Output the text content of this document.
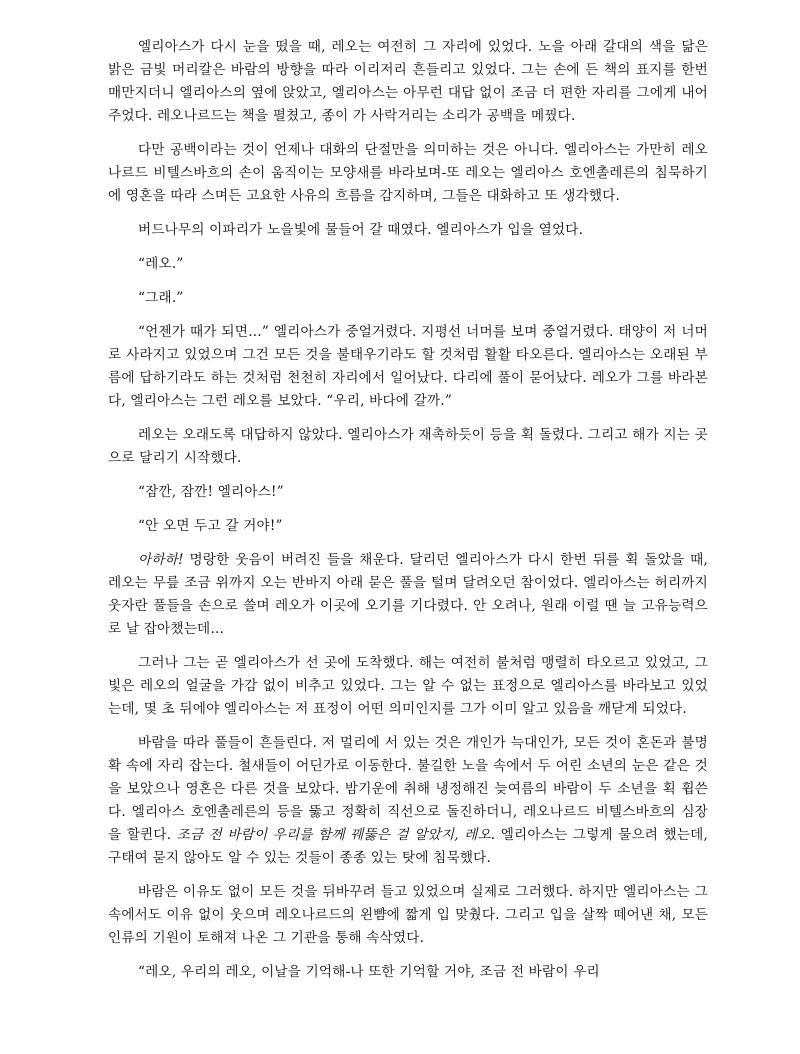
엘리아스가 다시 눈을 떴을 때, 레오는 여전히 그 자리에 있었다. 노을 아래 갈대의 색을 닮은 밝은 금빛 머리칼은 바람의 방향을 따라 이리저리 흔들리고 있었다. 그는 손에 든 책의 표지를 한번 매만지더니 엘리아스의 옆에 앉았고, 엘리아스는 아무런 대답 없이 조금 더 편한 자리를 그에게 내어주었다. 레오나르드는 책을 펼쳤고, 종이 가 사락거리는 소리가 공백을 메꿨다.

다만 공백이라는 것이 언제나 대화의 단절만을 의미하는 것은 아니다. 엘리아스는 가만히 레오나르드 비텔스바흐의 손이 움직이는 모양새를 바라보며-또 레오는 엘리아스 호엔촐레른의 침묵하기에 영혼을 따라 스며든 고요한 사유의 흐름을 감지하며, 그들은 대화하고 또 생각했다.

버드나무의 이파리가 노을빛에 물들어 갈 때였다. 엘리아스가 입을 열었다.

“레오.”

“그래.”

“언젠가 때가 되면…” 엘리아스가 중얼거렸다. 지평선 너머를 보며 중얼거렸다. 태양이 저 너머로 사라지고 있었으며 그건 모든 것을 불태우기라도 할 것처럼 활활 타오른다. 엘리아스는 오래된 부름에 답하기라도 하는 것처럼 천천히 자리에서 일어났다. 다리에 풀이 묻어났다. 레오가 그를 바라본다, 엘리아스는 그런 레오를 보았다. “우리, 바다에 갈까.”

레오는 오래도록 대답하지 않았다. 엘리아스가 재촉하듯이 등을 획 돌렸다. 그리고 해가 지는 곳으로 달리기 시작했다.

“잠깐, 잠깐! 엘리아스!”

“안 오면 두고 갈 거야!”

아하하! 명랑한 웃음이 버려진 들을 채운다. 달리던 엘리아스가 다시 한번 뒤를 획 돌았을 때, 레오는 무릎 조금 위까지 오는 반바지 아래 묻은 풀을 털며 달려오던 참이었다. 엘리아스는 허리까지 웃자란 풀들을 손으로 쓸며 레오가 이곳에 오기를 기다렸다. 안 오려나, 원래 이럴 땐 늘 고유능력으로 날 잡아챘는데…

그러나 그는 곧 엘리아스가 선 곳에 도착했다. 해는 여전히 불처럼 맹렬히 타오르고 있었고, 그 빛은 레오의 얼굴을 가감 없이 비추고 있었다. 그는 알 수 없는 표정으로 엘리아스를 바라보고 있었는데, 몇 초 뒤에야 엘리아스는 저 표정이 어떤 의미인지를 그가 이미 알고 있음을 깨닫게 되었다.

바람을 따라 풀들이 흔들린다. 저 멀리에 서 있는 것은 개인가 늑대인가, 모든 것이 혼돈과 불명확 속에 자리 잡는다. 철새들이 어딘가로 이동한다. 불길한 노을 속에서 두 어린 소년의 눈은 같은 것을 보았으나 영혼은 다른 것을 보았다. 밤기운에 취해 냉정해진 늦여름의 바람이 두 소년을 획 휩쓴다. 엘리아스 호엔촐레른의 등을 뚫고 정확히 직선으로 돌진하더니, 레오나르드 비텔스바흐의 심장을 할퀸다. 조금 전 바람이 우리를 함께 꿰뚫은 걸 알았지, 레오. 엘리아스는 그렇게 물으려 했는데, 구태여 묻지 않아도 알 수 있는 것들이 종종 있는 탓에 침묵했다.

바람은 이유도 없이 모든 것을 뒤바꾸려 들고 있었으며 실제로 그러했다. 하지만 엘리아스는 그 속에서도 이유 없이 웃으며 레오나르드의 왼뺨에 짧게 입 맞췄다. 그리고 입을 살짝 떼어낸 채, 모든 인류의 기원이 토해져 나온 그 기관을 통해 속삭였다.

“레오, 우리의 레오, 이날을 기억해-나 또한 기억할 거야, 조금 전 바람이 우리
